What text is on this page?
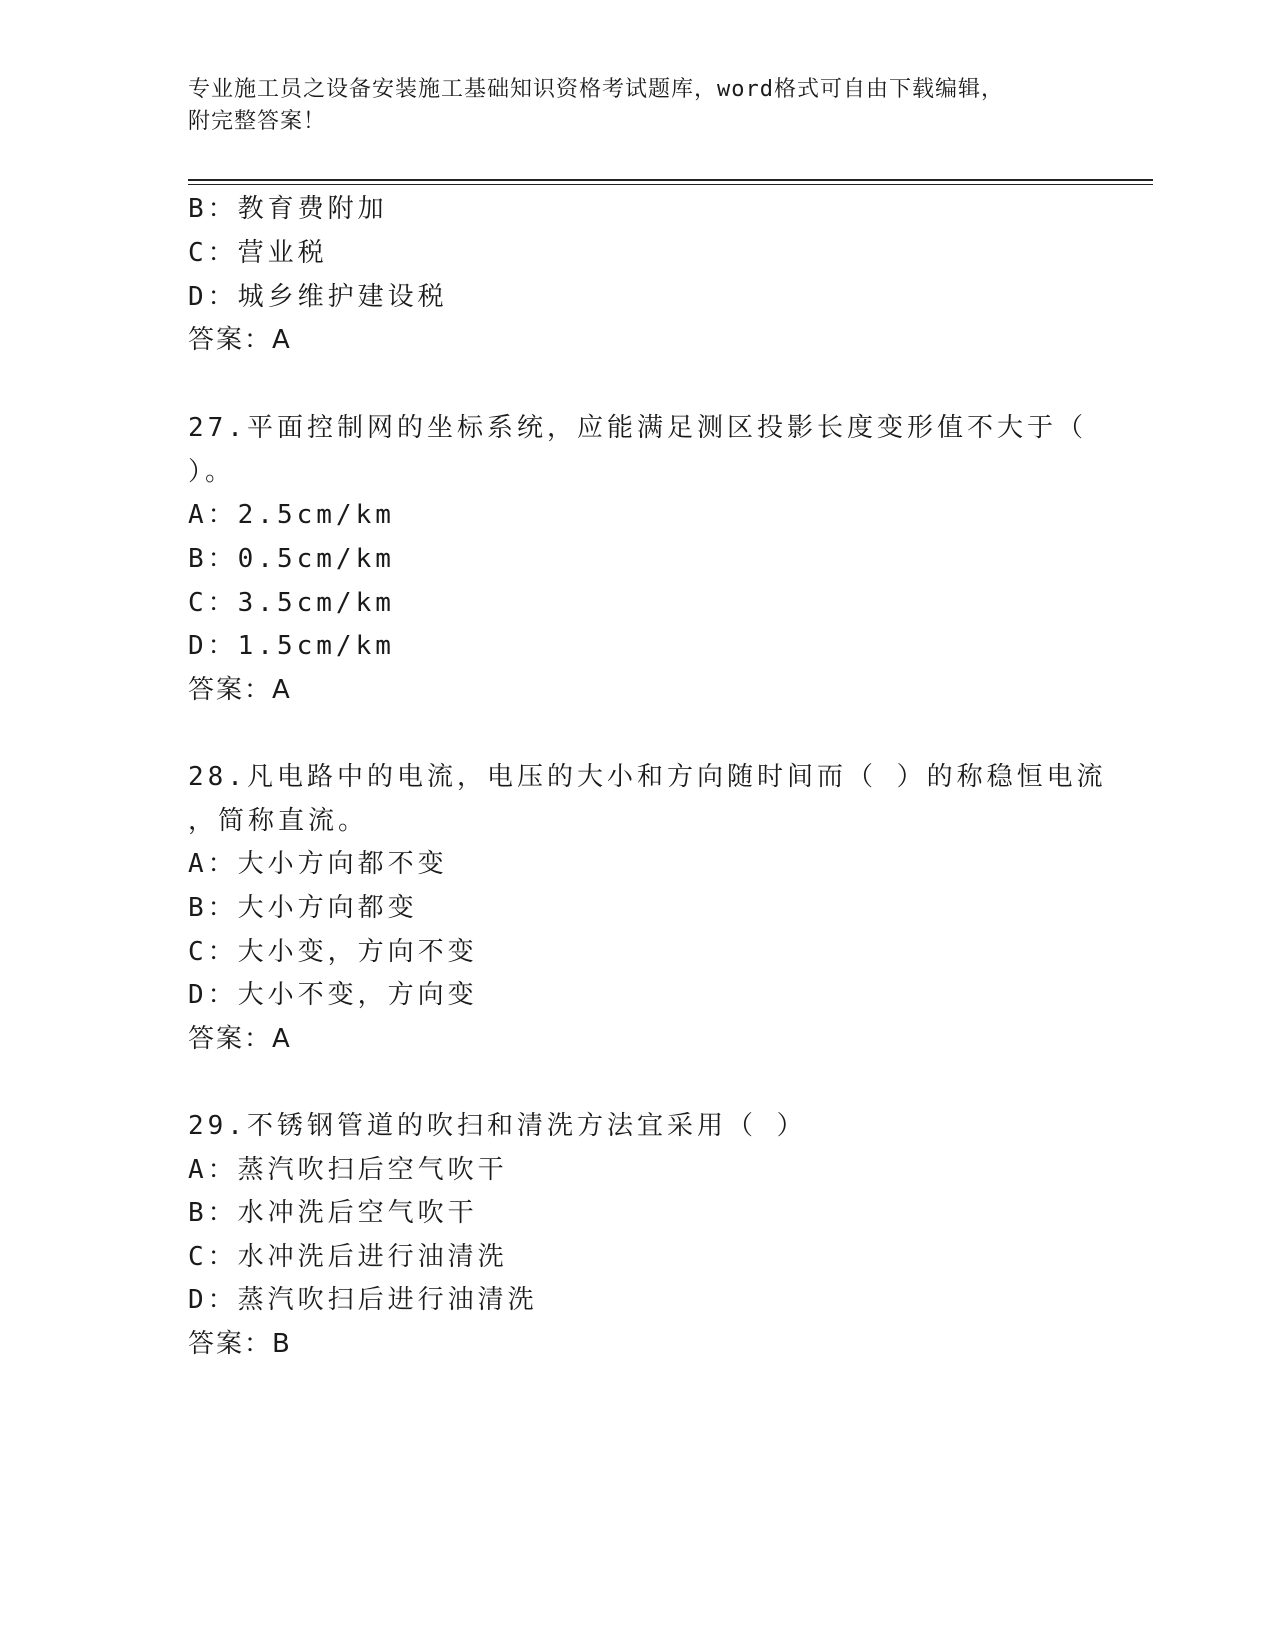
专业施工员之设备安装施工基础知识资格考试题库，word格式可自由下载编辑，
附完整答案！
B：教育费附加
C：营业税
D：城乡维护建设税
答案：A
27.平面控制网的坐标系统，应能满足测区投影长度变形值不大于（
）。
A：2.5cm/km
B：0.5cm/km
C：3.5cm/km
D：1.5cm/km
答案：A
28.凡电路中的电流，电压的大小和方向随时间而（ ）的称稳恒电流
，简称直流。
A：大小方向都不变
B：大小方向都变
C：大小变，方向不变
D：大小不变，方向变
答案：A
29.不锈钢管道的吹扫和清洗方法宜采用（ ）
A：蒸汽吹扫后空气吹干
B：水冲洗后空气吹干
C：水冲洗后进行油清洗
D：蒸汽吹扫后进行油清洗
答案：B
